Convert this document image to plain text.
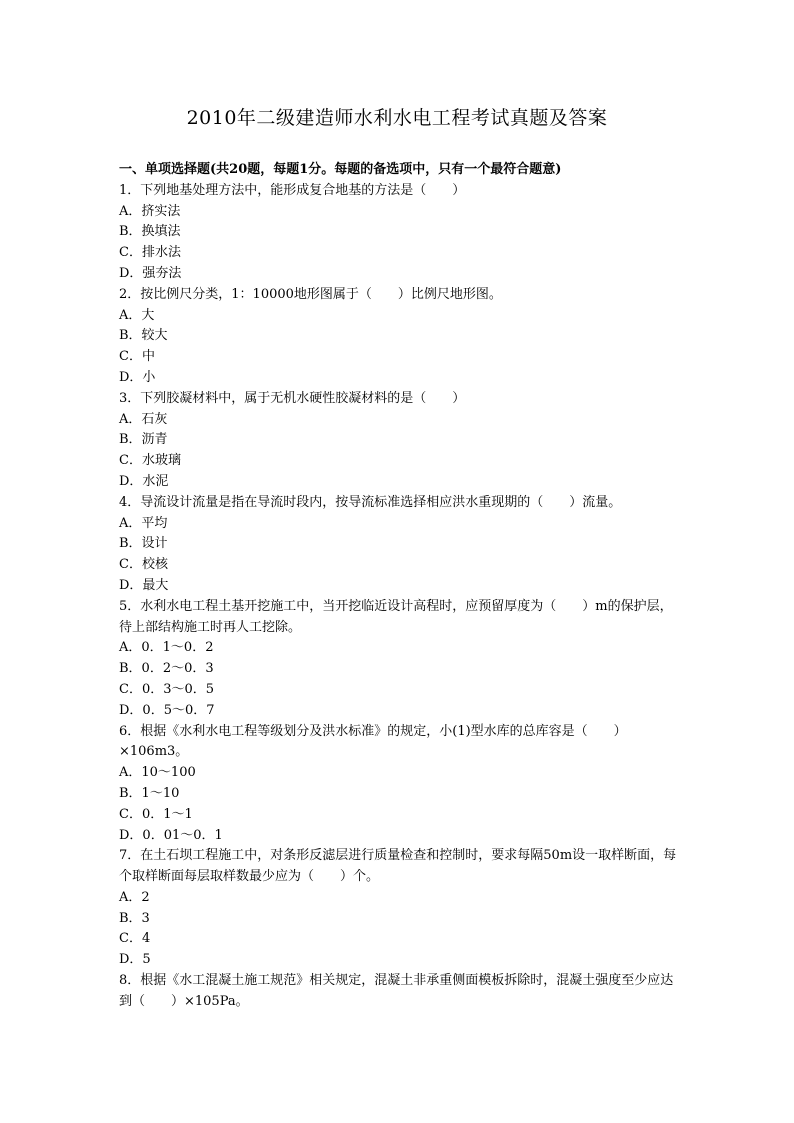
2010年二级建造师水利水电工程考试真题及答案
一、单项选择题(共20题，每题1分。每题的备选项中，只有一个最符合题意)
1．下列地基处理方法中，能形成复合地基的方法是（　　）
A．挤实法
B．换填法
C．排水法
D．强夯法
2．按比例尺分类，1：10000地形图属于（　　）比例尺地形图。
A．大
B．较大
C．中
D．小
3．下列胶凝材料中，属于无机水硬性胶凝材料的是（　　）
A．石灰
B．沥青
C．水玻璃
D．水泥
4．导流设计流量是指在导流时段内，按导流标准选择相应洪水重现期的（　　）流量。
A．平均
B．设计
C．校核
D．最大
5．水利水电工程土基开挖施工中，当开挖临近设计高程时，应预留厚度为（　　）m的保护层，待上部结构施工时再人工挖除。
A．0．1～0．2
B．0．2～0．3
C．0．3～0．5
D．0．5～0．7
6．根据《水利水电工程等级划分及洪水标准》的规定，小(1)型水库的总库容是（　　）×106m3。
A．10～100
B．1～10
C．0．1～1
D．0．01～0．1
7．在土石坝工程施工中，对条形反滤层进行质量检查和控制时，要求每隔50m设一取样断面，每个取样断面每层取样数最少应为（　　）个。
A．2
B．3
C．4
D．5
8．根据《水工混凝土施工规范》相关规定，混凝土非承重侧面模板拆除时，混凝土强度至少应达到（　　）×105Pa。
